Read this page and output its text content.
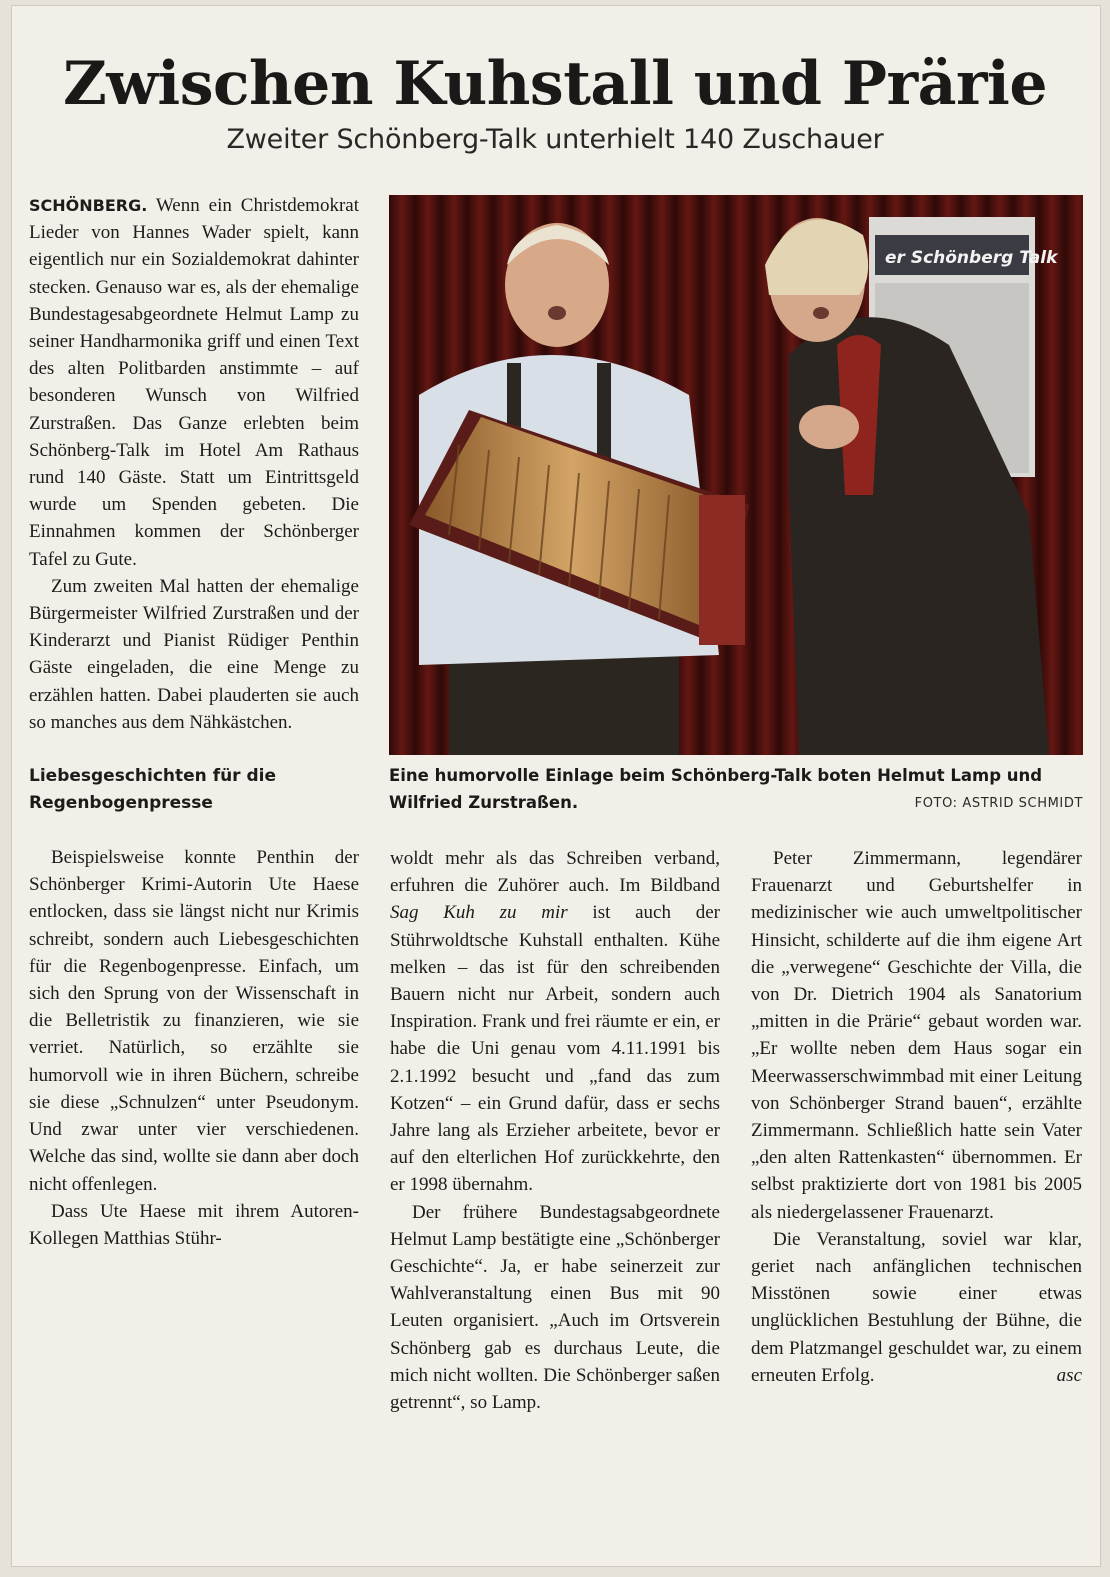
Zwischen Kuhstall und Prärie
Zweiter Schönberg-Talk unterhielt 140 Zuschauer

SCHÖNBERG. Wenn ein Christdemokrat Lieder von Hannes Wader spielt, kann eigentlich nur ein Sozialdemokrat dahinter stecken. Genauso war es, als der ehemalige Bundestagesabgeordnete Helmut Lamp zu seiner Handharmonika griff und einen Text des alten Politbarden anstimmte – auf besonderen Wunsch von Wilfried Zurstraßen. Das Ganze erlebten beim Schönberg-Talk im Hotel Am Rathaus rund 140 Gäste. Statt um Eintrittsgeld wurde um Spenden gebeten. Die Einnahmen kommen der Schönberger Tafel zu Gute.

Zum zweiten Mal hatten der ehemalige Bürgermeister Wilfried Zurstraßen und der Kinderarzt und Pianist Rüdiger Penthin Gäste eingeladen, die eine Menge zu erzählen hatten. Dabei plauderten sie auch so manches aus dem Nähkästchen.

Liebesgeschichten für die Regenbogenpresse

Beispielsweise konnte Penthin der Schönberger Krimi-Autorin Ute Haese entlocken, dass sie längst nicht nur Krimis schreibt, sondern auch Liebesgeschichten für die Regenbogenpresse. Einfach, um sich den Sprung von der Wissenschaft in die Belletristik zu finanzieren, wie sie verriet. Natürlich, so erzählte sie humorvoll wie in ihren Büchern, schreibe sie diese „Schnulzen“ unter Pseudonym. Und zwar unter vier verschiedenen. Welche das sind, wollte sie dann aber doch nicht offenlegen.

Dass Ute Haese mit ihrem Autoren-Kollegen Matthias Stühr-

er Schönberg Talk
Eine humorvolle Einlage beim Schönberg-Talk boten Helmut Lamp und Wilfried Zurstraßen.	FOTO: ASTRID SCHMIDT

woldt mehr als das Schreiben verband, erfuhren die Zuhörer auch. Im Bildband Sag Kuh zu mir ist auch der Stührwoldtsche Kuhstall enthalten. Kühe melken – das ist für den schreibenden Bauern nicht nur Arbeit, sondern auch Inspiration. Frank und frei räumte er ein, er habe die Uni genau vom 4.11.1991 bis 2.1.1992 besucht und „fand das zum Kotzen“ – ein Grund dafür, dass er sechs Jahre lang als Erzieher arbeitete, bevor er auf den elterlichen Hof zurückkehrte, den er 1998 übernahm.

Der frühere Bundestagsabgeordnete Helmut Lamp bestätigte eine „Schönberger Geschichte“. Ja, er habe seinerzeit zur Wahlveranstaltung einen Bus mit 90 Leuten organisiert. „Auch im Ortsverein Schönberg gab es durchaus Leute, die mich nicht wollten. Die Schönberger saßen getrennt“, so Lamp.

Peter Zimmermann, legendärer Frauenarzt und Geburtshelfer in medizinischer wie auch umweltpolitischer Hinsicht, schilderte auf die ihm eigene Art die „verwegene“ Geschichte der Villa, die von Dr. Dietrich 1904 als Sanatorium „mitten in die Prärie“ gebaut worden war. „Er wollte neben dem Haus sogar ein Meerwasserschwimmbad mit einer Leitung von Schönberger Strand bauen“, erzählte Zimmermann. Schließlich hatte sein Vater „den alten Rattenkasten“ übernommen. Er selbst praktizierte dort von 1981 bis 2005 als niedergelassener Frauenarzt.

Die Veranstaltung, soviel war klar, geriet nach anfänglichen technischen Misstönen sowie einer etwas unglücklichen Bestuhlung der Bühne, die dem Platzmangel geschuldet war, zu einem erneuten Erfolg.	asc
